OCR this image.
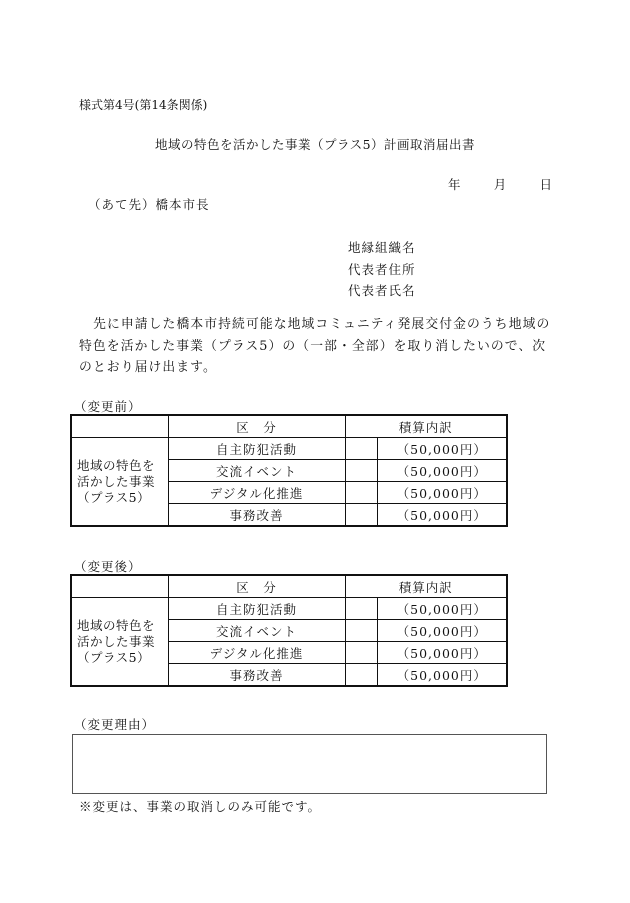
様式第4号(第14条関係)
地域の特色を活かした事業（プラス5）計画取消届出書
年	月	日
（あて先）橋本市長
地縁組織名
代表者住所
代表者氏名
先に申請した橋本市持続可能な地域コミュニティ発展交付金のうち地域の特色を活かした事業（プラス5）の（一部・全部）を取り消したいので、次のとおり届け出ます。
（変更前）
	区　分	積算内訳	
地域の特色を
活かした事業
（プラス5）	自主防犯活動		（50,000円）
	交流イベント		（50,000円）
	デジタル化推進		（50,000円）
	事務改善		（50,000円）
（変更後）
	区　分	積算内訳	
地域の特色を
活かした事業
（プラス5）	自主防犯活動		（50,000円）
	交流イベント		（50,000円）
	デジタル化推進		（50,000円）
	事務改善		（50,000円）
（変更理由）
※変更は、事業の取消しのみ可能です。
